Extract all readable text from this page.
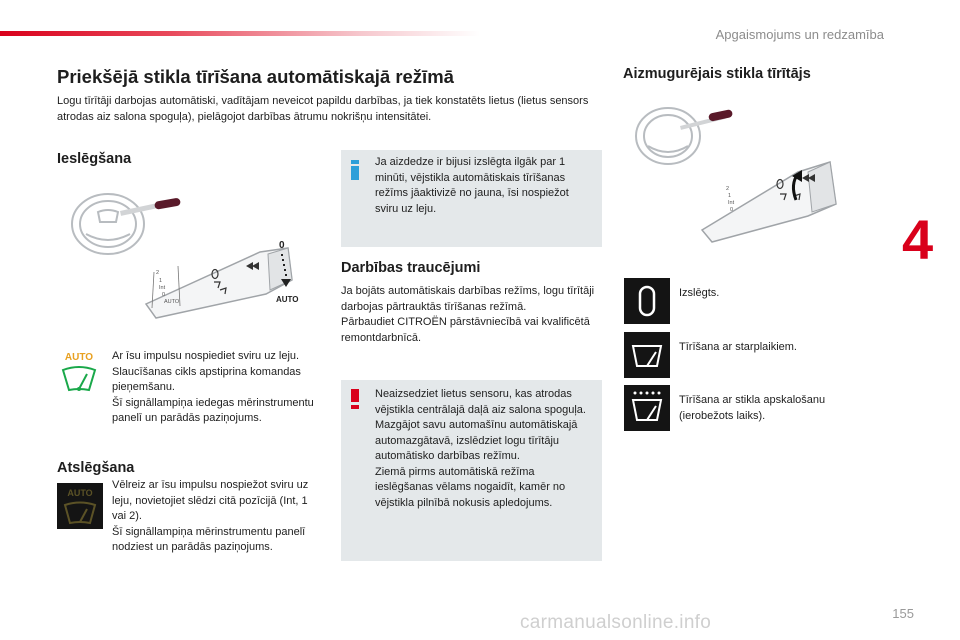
Apgaismojums un redzamība
4
Priekšējā stikla tīrīšana automātiskajā režīmā
Logu tīrītāji darbojas automātiski, vadītājam neveicot papildu darbības, ja tiek konstatēts lietus (lietus sensors atrodas aiz salona spoguļa), pielāgojot darbības ātrumu nokrišņu intensitātei.
Ieslēgšana
2
1
Int
0
AUTO
0
AUTO
AUTO Ar īsu impulsu nospiediet sviru uz leju.
Slaucīšanas cikls apstiprina komandas pieņemšanu.
Šī signāllampiņa iedegas mērinstrumentu panelī un parādās paziņojums.
Atslēgšana
AUTO
Vēlreiz ar īsu impulsu nospiežot sviru uz leju, novietojiet slēdzi citā pozīcijā (Int, 1 vai 2).
Šī signāllampiņa mērinstrumentu panelī nodziest un parādās paziņojums.
Ja aizdedze ir bijusi izslēgta ilgāk par 1 minūti, vējstikla automātiskais tīrīšanas režīms jāaktivizē no jauna, īsi nospiežot sviru uz leju.
Darbības traucējumi
Ja bojāts automātiskais darbības režīms, logu tīrītāji darbojas pārtrauktās tīrīšanas režīmā.
Pārbaudiet CITROËN pārstāvniecībā vai kvalificētā remontdarbnīcā.
Neaizsedziet lietus sensoru, kas atrodas vējstikla centrālajā daļā aiz salona spoguļa.
Mazgājot savu automašīnu automātiskajā automazgātavā, izslēdziet logu tīrītāju automātisko darbības režīmu.
Ziemā pirms automātiskā režīma ieslēgšanas vēlams nogaidīt, kamēr no vējstikla pilnībā nokusis apledojums.
Aizmugurējais stikla tīrītājs
2
1
Int
0
Izslēgts.
Tīrīšana ar starplaikiem.
Tīrīšana ar stikla apskalošanu (ierobežots laiks).
155
carmanualsonline.info
